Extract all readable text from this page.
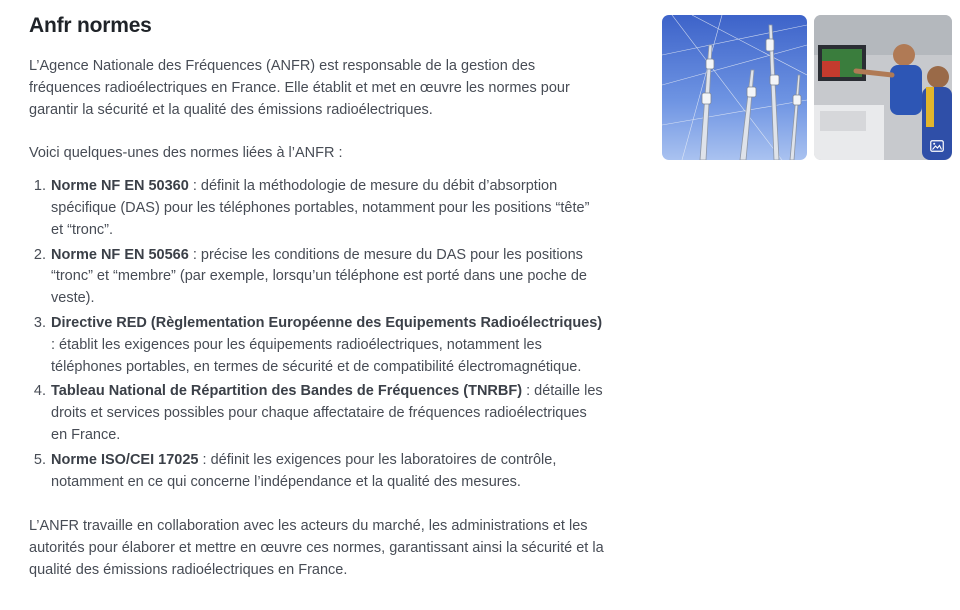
Anfr normes

L’Agence Nationale des Fréquences (ANFR) est responsable de la gestion des fréquences radioélectriques en France. Elle établit et met en œuvre les normes pour garantir la sécurité et la qualité des émissions radioélectriques.

Voici quelques-unes des normes liées à l’ANFR :

1. Norme NF EN 50360 : définit la méthodologie de mesure du débit d’absorption spécifique (DAS) pour les téléphones portables, notamment pour les positions “tête” et “tronc”.
2. Norme NF EN 50566 : précise les conditions de mesure du DAS pour les positions “tronc” et “membre” (par exemple, lorsqu’un téléphone est porté dans une poche de veste).
3. Directive RED (Règlementation Européenne des Equipements Radioélectriques) : établit les exigences pour les équipements radioélectriques, notamment les téléphones portables, en termes de sécurité et de compatibilité électromagnétique.
4. Tableau National de Répartition des Bandes de Fréquences (TNRBF) : détaille les droits et services possibles pour chaque affectataire de fréquences radioélectriques en France.
5. Norme ISO/CEI 17025 : définit les exigences pour les laboratoires de contrôle, notamment en ce qui concerne l’indépendance et la qualité des mesures.

L’ANFR travaille en collaboration avec les acteurs du marché, les administrations et les autorités pour élaborer et mettre en œuvre ces normes, garantissant ainsi la sécurité et la qualité des émissions radioélectriques en France.
